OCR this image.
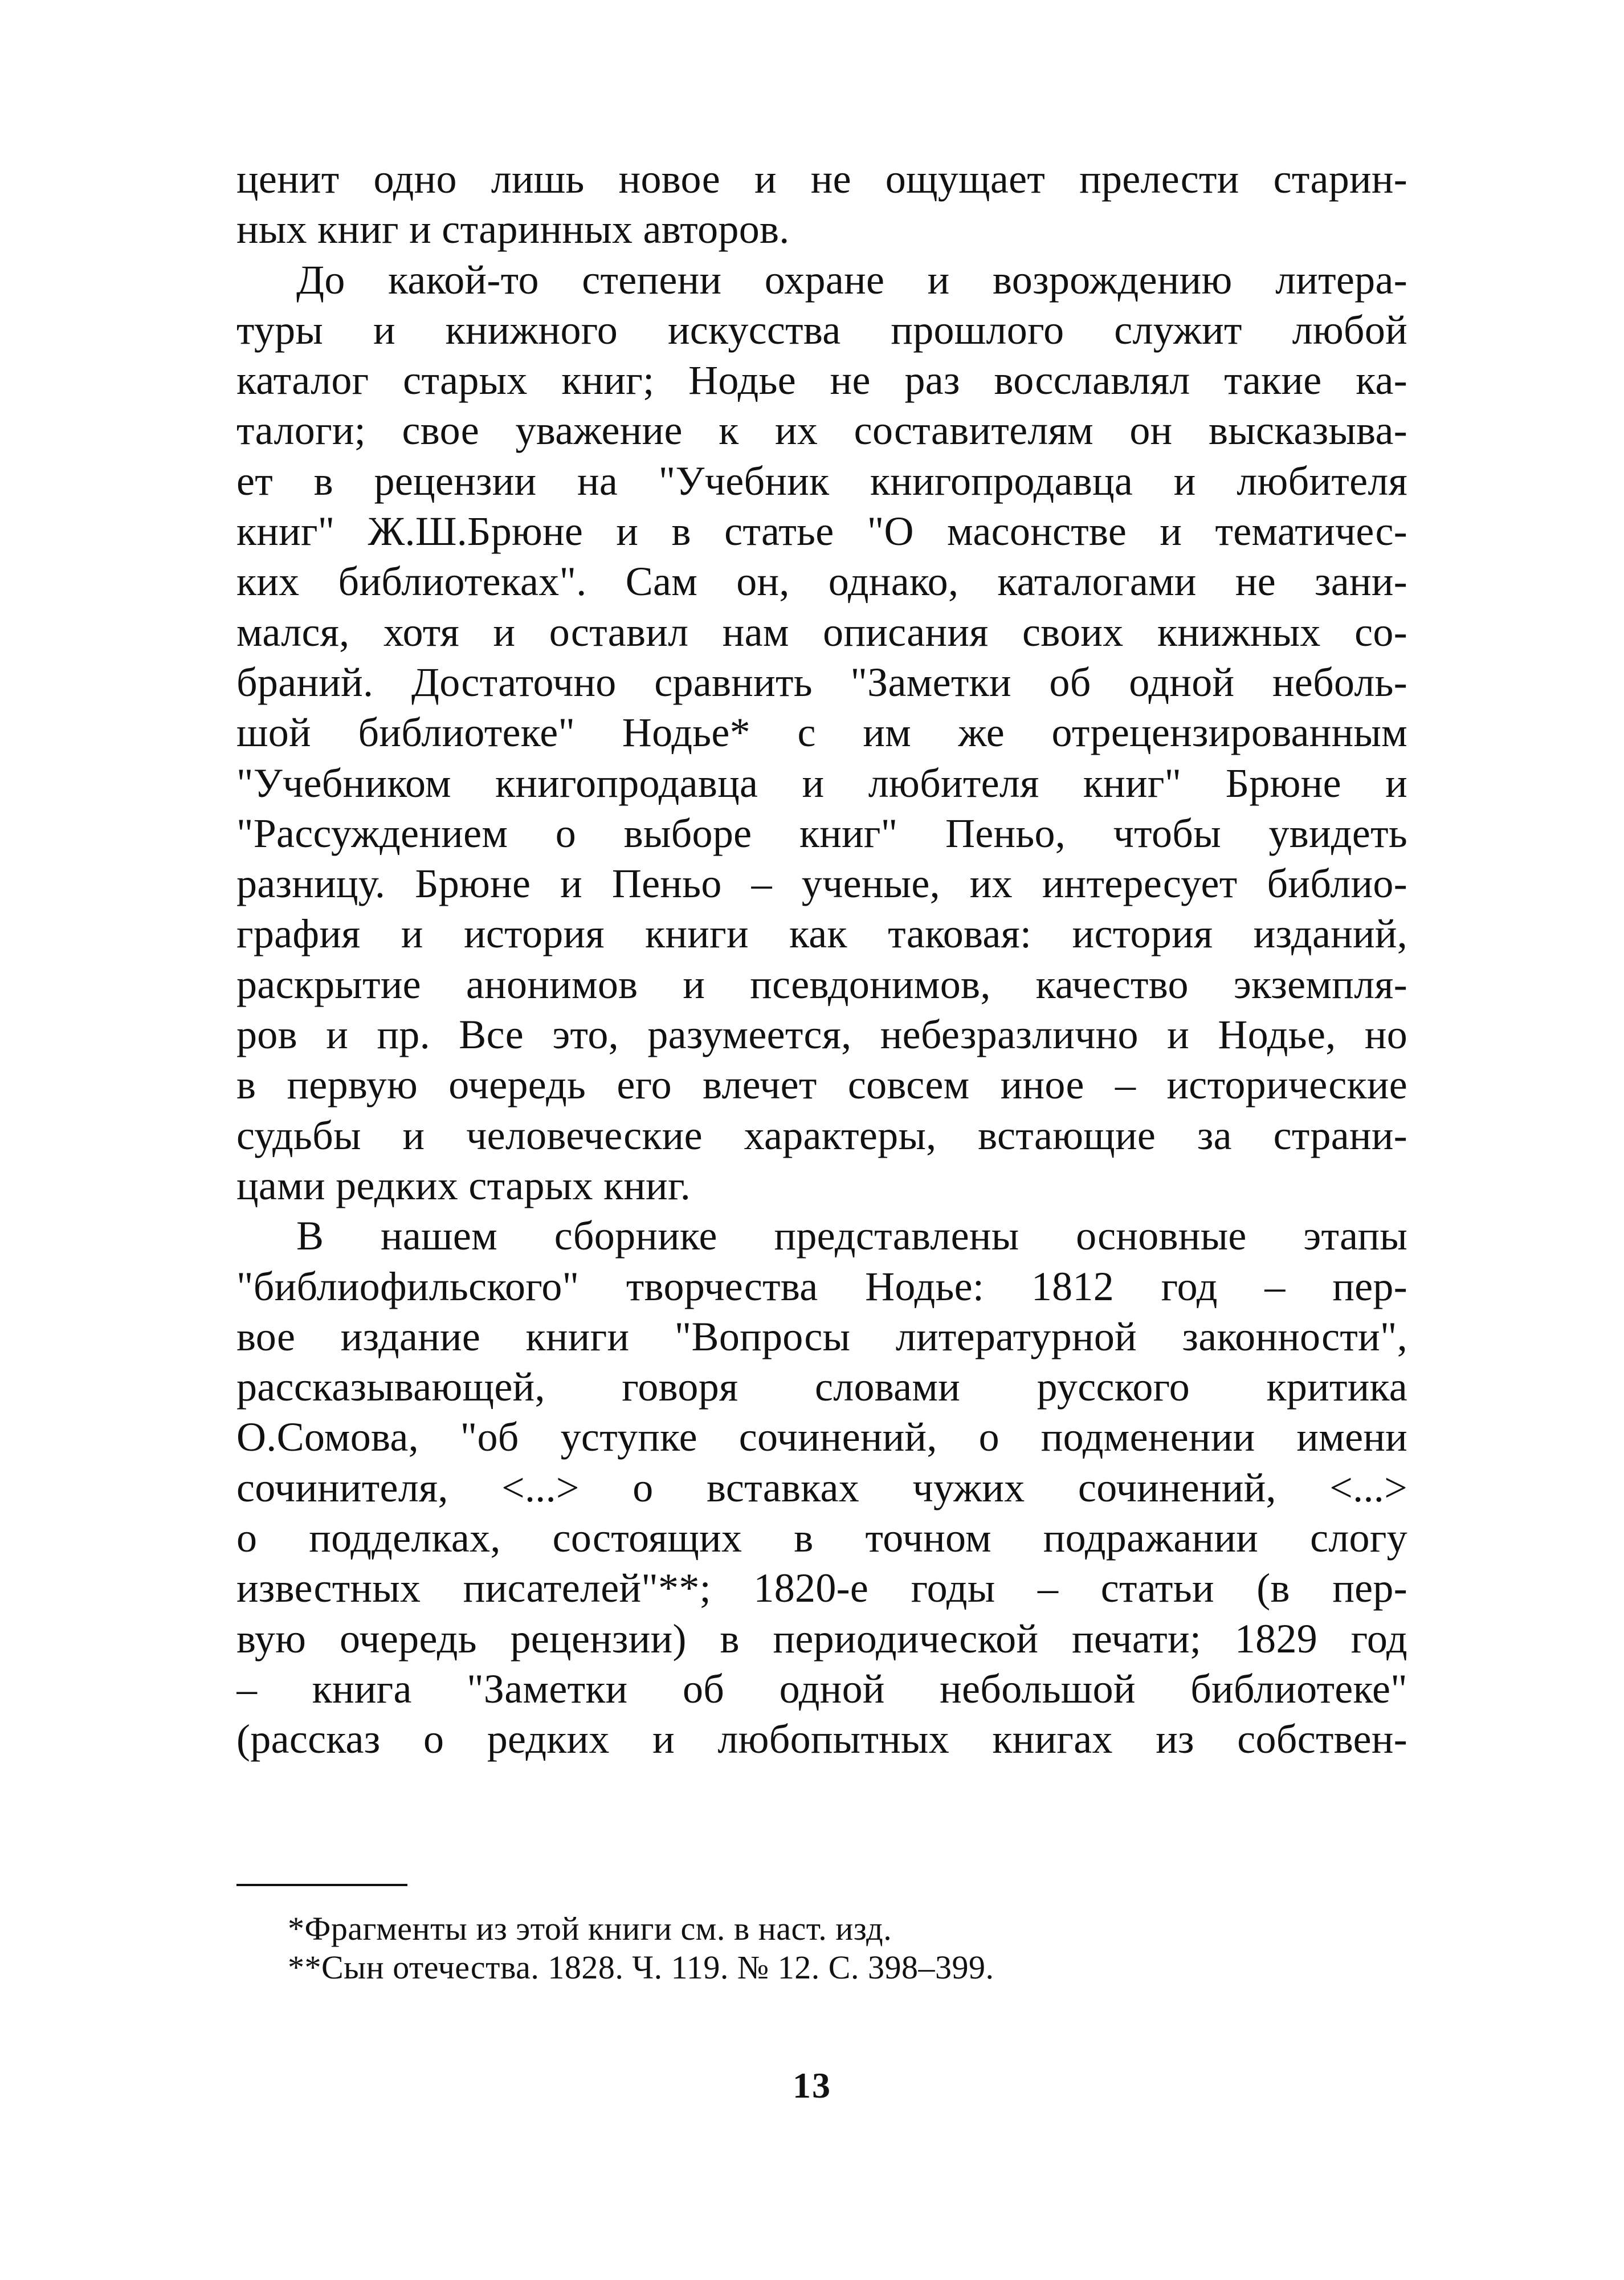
ценит одно лишь новое и не ощущает прелести старин-
ных книг и старинных авторов.
До какой-то степени охране и возрождению литера-
туры и книжного искусства прошлого служит любой
каталог старых книг; Нодье не раз восславлял такие ка-
талоги; свое уважение к их составителям он высказыва-
ет в рецензии на "Учебник книгопродавца и любителя
книг" Ж.Ш.Брюне и в статье "О масонстве и тематичес-
ких библиотеках". Сам он, однако, каталогами не зани-
мался, хотя и оставил нам описания своих книжных со-
браний. Достаточно сравнить "Заметки об одной неболь-
шой библиотеке" Нодье* с им же отрецензированным
"Учебником книгопродавца и любителя книг" Брюне и
"Рассуждением о выборе книг" Пеньо, чтобы увидеть
разницу. Брюне и Пеньо – ученые, их интересует библио-
графия и история книги как таковая: история изданий,
раскрытие анонимов и псевдонимов, качество экземпля-
ров и пр. Все это, разумеется, небезразлично и Нодье, но
в первую очередь его влечет совсем иное – исторические
судьбы и человеческие характеры, встающие за страни-
цами редких старых книг.
В нашем сборнике представлены основные этапы
"библиофильского" творчества Нодье: 1812 год – пер-
вое издание книги "Вопросы литературной законности",
рассказывающей, говоря словами русского критика
О.Сомова, "об уступке сочинений, о подменении имени
сочинителя, <...> о вставках чужих сочинений, <...>
о подделках, состоящих в точном подражании слогу
известных писателей"**; 1820-е годы – статьи (в пер-
вую очередь рецензии) в периодической печати; 1829 год
– книга "Заметки об одной небольшой библиотеке"
(рассказ о редких и любопытных книгах из собствен-
*Фрагменты из этой книги см. в наст. изд.
**Сын отечества. 1828. Ч. 119. № 12. С. 398–399.
13
